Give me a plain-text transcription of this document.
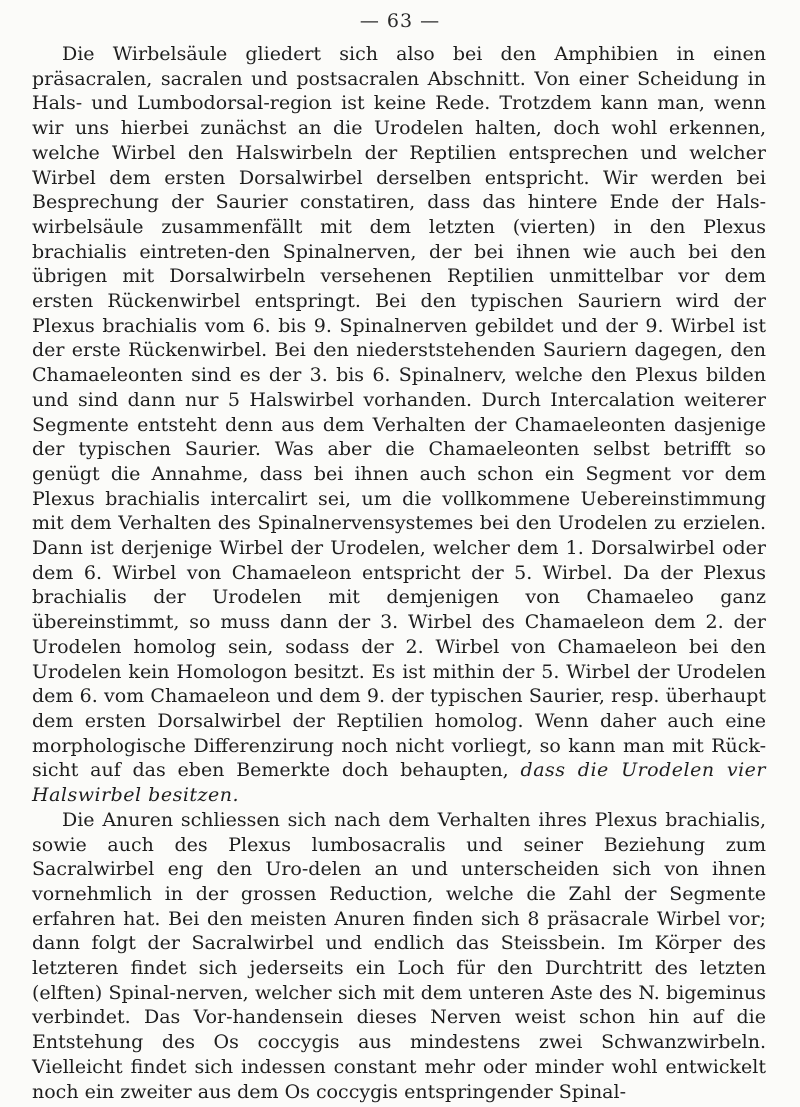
— 63 —

Die Wirbelsäule gliedert sich also bei den Amphibien in einen präsacralen, sacralen und postsacralen Abschnitt. Von einer Scheidung in Hals- und Lumbodorsal-region ist keine Rede. Trotzdem kann man, wenn wir uns hierbei zunächst an die Urodelen halten, doch wohl erkennen, welche Wirbel den Halswirbeln der Reptilien entsprechen und welcher Wirbel dem ersten Dorsalwirbel derselben entspricht. Wir werden bei Besprechung der Saurier constatiren, dass das hintere Ende der Hals-wirbelsäule zusammenfällt mit dem letzten (vierten) in den Plexus brachialis eintreten-den Spinalnerven, der bei ihnen wie auch bei den übrigen mit Dorsalwirbeln versehenen Reptilien unmittelbar vor dem ersten Rückenwirbel entspringt. Bei den typischen Sauriern wird der Plexus brachialis vom 6. bis 9. Spinalnerven gebildet und der 9. Wirbel ist der erste Rückenwirbel. Bei den niederststehenden Sauriern dagegen, den Chamaeleonten sind es der 3. bis 6. Spinalnerv, welche den Plexus bilden und sind dann nur 5 Halswirbel vorhanden. Durch Intercalation weiterer Segmente entsteht denn aus dem Verhalten der Chamaeleonten dasjenige der typischen Saurier. Was aber die Chamaeleonten selbst betrifft so genügt die Annahme, dass bei ihnen auch schon ein Segment vor dem Plexus brachialis intercalirt sei, um die vollkommene Uebereinstimmung mit dem Verhalten des Spinalnervensystemes bei den Urodelen zu erzielen. Dann ist derjenige Wirbel der Urodelen, welcher dem 1. Dorsalwirbel oder dem 6. Wirbel von Chamaeleon entspricht der 5. Wirbel. Da der Plexus brachialis der Urodelen mit demjenigen von Chamaeleo ganz übereinstimmt, so muss dann der 3. Wirbel des Chamaeleon dem 2. der Urodelen homolog sein, sodass der 2. Wirbel von Chamaeleon bei den Urodelen kein Homologon besitzt. Es ist mithin der 5. Wirbel der Urodelen dem 6. vom Chamaeleon und dem 9. der typischen Saurier, resp. überhaupt dem ersten Dorsalwirbel der Reptilien homolog. Wenn daher auch eine morphologische Differenzirung noch nicht vorliegt, so kann man mit Rück-sicht auf das eben Bemerkte doch behaupten, dass die Urodelen vier Halswirbel besitzen.

Die Anuren schliessen sich nach dem Verhalten ihres Plexus brachialis, sowie auch des Plexus lumbosacralis und seiner Beziehung zum Sacralwirbel eng den Uro-delen an und unterscheiden sich von ihnen vornehmlich in der grossen Reduction, welche die Zahl der Segmente erfahren hat. Bei den meisten Anuren finden sich 8 präsacrale Wirbel vor; dann folgt der Sacralwirbel und endlich das Steissbein. Im Körper des letzteren findet sich jederseits ein Loch für den Durchtritt des letzten (elften) Spinal-nerven, welcher sich mit dem unteren Aste des N. bigeminus verbindet. Das Vor-handensein dieses Nerven weist schon hin auf die Entstehung des Os coccygis aus mindestens zwei Schwanzwirbeln. Vielleicht findet sich indessen constant mehr oder minder wohl entwickelt noch ein zweiter aus dem Os coccygis entspringender Spinal-
